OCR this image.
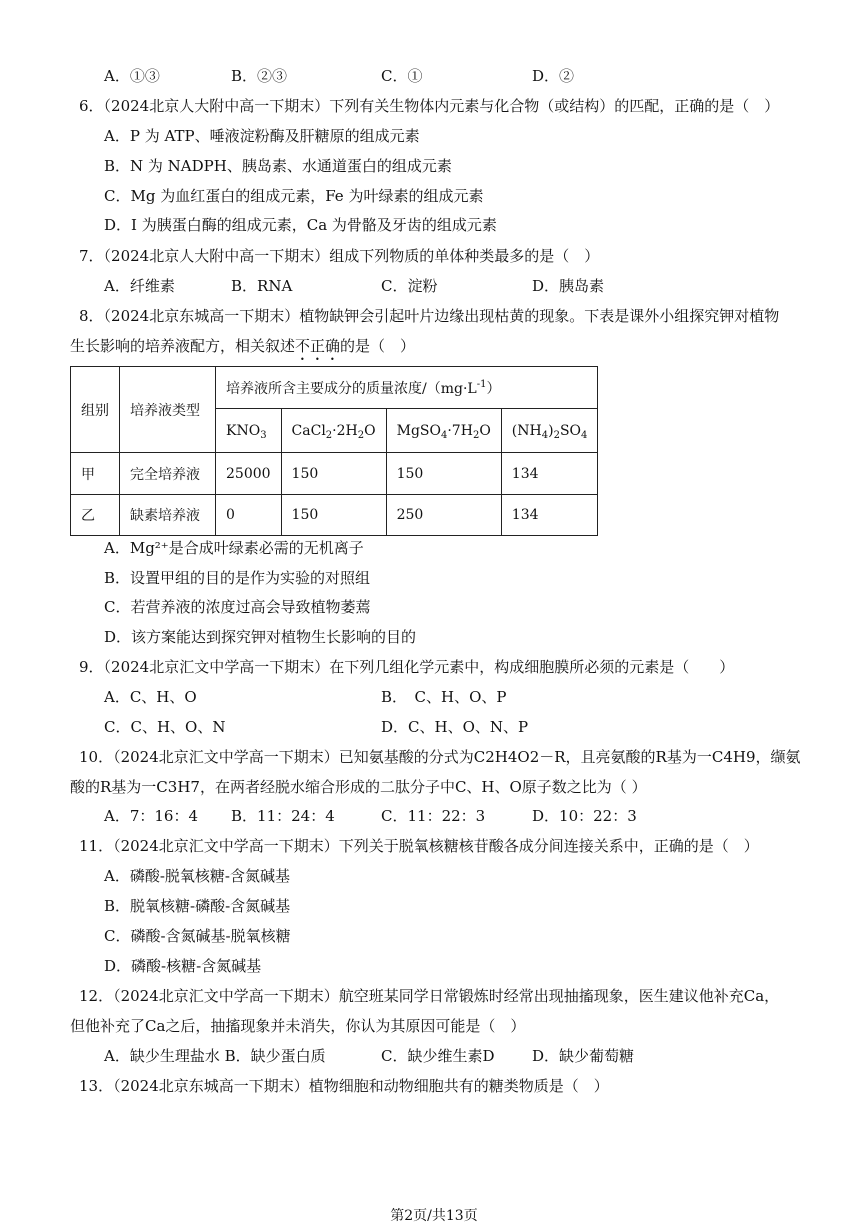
A．①③	B．②③	C．①	D．②
6．（2024北京人大附中高一下期末）下列有关生物体内元素与化合物（或结构）的匹配，正确的是（　）
A．P 为 ATP、唾液淀粉酶及肝糖原的组成元素
B．N 为 NADPH、胰岛素、水通道蛋白的组成元素
C．Mg 为血红蛋白的组成元素，Fe 为叶绿素的组成元素
D．I 为胰蛋白酶的组成元素，Ca 为骨骼及牙齿的组成元素
7．（2024北京人大附中高一下期末）组成下列物质的单体种类最多的是（　）
A．纤维素	B．RNA	C．淀粉	D．胰岛素
8．（2024北京东城高一下期末）植物缺钾会引起叶片边缘出现枯黄的现象。下表是课外小组探究钾对植物
生长影响的培养液配方，相关叙述不正确的是（　）
组别	培养液类型	培养液所含主要成分的质量浓度$/(mg\cdot L^{-1})$			
		$KNO_3$	$CaCl_2\cdot 2H_2O$	$MgSO_4\cdot 7H_2O$	$(NH_4)_2SO_4$
甲	完全培养液	25000	150	150	134
乙	缺素培养液	0	150	250	134
A．Mg²⁺是合成叶绿素必需的无机离子
B．设置甲组的目的是作为实验的对照组
C．若营养液的浓度过高会导致植物萎蔫
D．该方案能达到探究钾对植物生长影响的目的
9．（2024北京汇文中学高一下期末）在下列几组化学元素中，构成细胞膜所必须的元素是（　　）
A．C、H、O	B．　C、H、O、P
C．C、H、O、N	D．C、H、O、N、P
10．（2024北京汇文中学高一下期末）已知氨基酸的分式为C2H4O2－R，且亮氨酸的R基为一C4H9，缬氨
酸的R基为一C3H7，在两者经脱水缩合形成的二肽分子中C、H、O原子数之比为（ ）
A．7：16：4 B．11：24：4	C．11：22：3	D．10：22：3
11．（2024北京汇文中学高一下期末）下列关于脱氧核糖核苷酸各成分间连接关系中，正确的是（　）
A．磷酸-脱氧核糖-含氮碱基
B．脱氧核糖-磷酸-含氮碱基
C．磷酸-含氮碱基-脱氧核糖
D．磷酸-核糖-含氮碱基
12．（2024北京汇文中学高一下期末）航空班某同学日常锻炼时经常出现抽搐现象，医生建议他补充Ca，
但他补充了Ca之后，抽搐现象并未消失，你认为其原因可能是（　）
A．缺少生理盐水 B．缺少蛋白质	C．缺少维生素D D．缺少葡萄糖
13．（2024北京东城高一下期末）植物细胞和动物细胞共有的糖类物质是（　）
第2页/共13页
